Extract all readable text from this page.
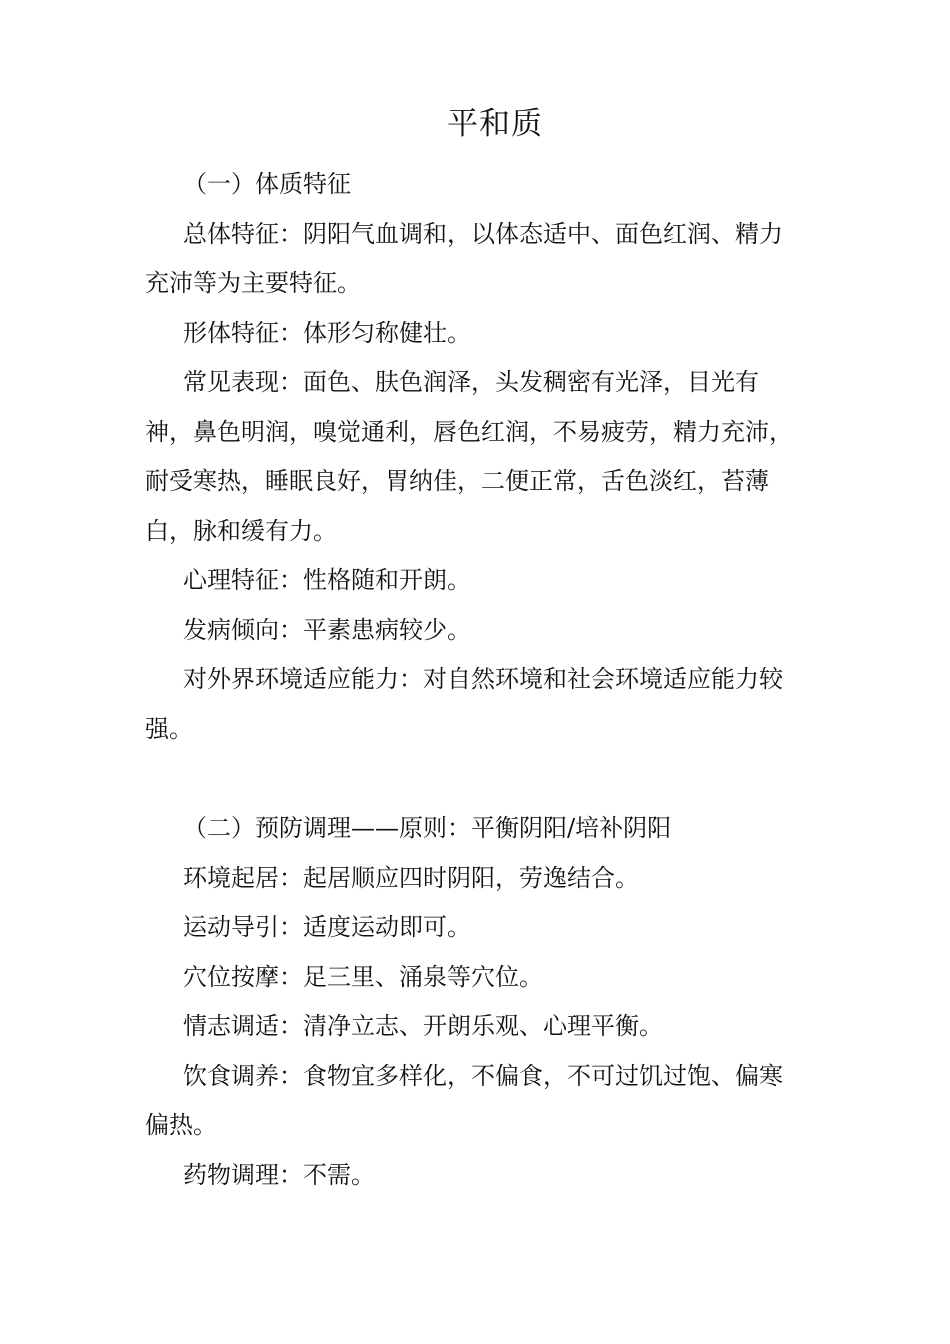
平和质

（一）体质特征

总体特征：阴阳气血调和，以体态适中、面色红润、精力充沛等为主要特征。

形体特征：体形匀称健壮。

常见表现：面色、肤色润泽，头发稠密有光泽，目光有神，鼻色明润，嗅觉通利，唇色红润，不易疲劳，精力充沛，耐受寒热，睡眠良好，胃纳佳，二便正常，舌色淡红，苔薄白，脉和缓有力。

心理特征：性格随和开朗。

发病倾向：平素患病较少。

对外界环境适应能力：对自然环境和社会环境适应能力较强。

（二）预防调理——原则：平衡阴阳/培补阴阳

环境起居：起居顺应四时阴阳，劳逸结合。

运动导引：适度运动即可。

穴位按摩：足三里、涌泉等穴位。

情志调适：清净立志、开朗乐观、心理平衡。

饮食调养：食物宜多样化，不偏食，不可过饥过饱、偏寒偏热。

药物调理：不需。
